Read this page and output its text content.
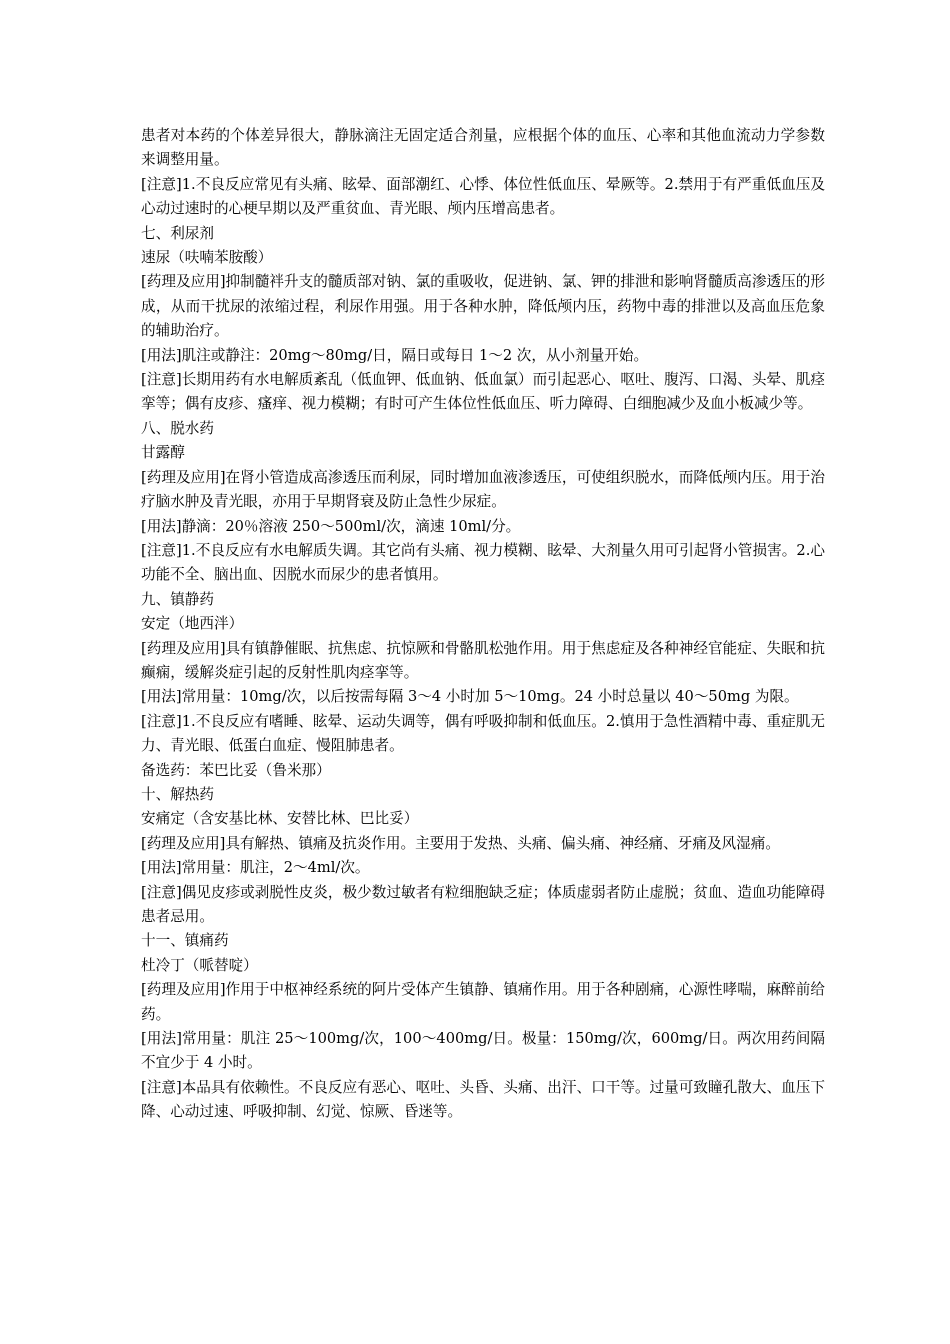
患者对本药的个体差异很大，静脉滴注无固定适合剂量，应根据个体的血压、心率和其他血流动力学参数来调整用量。

[注意]1.不良反应常见有头痛、眩晕、面部潮红、心悸、体位性低血压、晕厥等。2.禁用于有严重低血压及心动过速时的心梗早期以及严重贫血、青光眼、颅内压增高患者。

七、利尿剂

速尿（呋喃苯胺酸）

[药理及应用]抑制髓袢升支的髓质部对钠、氯的重吸收，促进钠、氯、钾的排泄和影响肾髓质高渗透压的形成，从而干扰尿的浓缩过程，利尿作用强。用于各种水肿，降低颅内压，药物中毒的排泄以及高血压危象的辅助治疗。

[用法]肌注或静注：20mg～80mg/日，隔日或每日 1～2 次，从小剂量开始。

[注意]长期用药有水电解质紊乱（低血钾、低血钠、低血氯）而引起恶心、呕吐、腹泻、口渴、头晕、肌痉挛等；偶有皮疹、瘙痒、视力模糊；有时可产生体位性低血压、听力障碍、白细胞减少及血小板减少等。

八、脱水药

甘露醇

[药理及应用]在肾小管造成高渗透压而利尿，同时增加血液渗透压，可使组织脱水，而降低颅内压。用于治疗脑水肿及青光眼，亦用于早期肾衰及防止急性少尿症。

[用法]静滴：20％溶液 250～500ml/次，滴速 10ml/分。

[注意]1.不良反应有水电解质失调。其它尚有头痛、视力模糊、眩晕、大剂量久用可引起肾小管损害。2.心功能不全、脑出血、因脱水而尿少的患者慎用。

九、镇静药

安定（地西泮）

[药理及应用]具有镇静催眠、抗焦虑、抗惊厥和骨骼肌松弛作用。用于焦虑症及各种神经官能症、失眠和抗癫痫，缓解炎症引起的反射性肌肉痉挛等。

[用法]常用量：10mg/次，以后按需每隔 3～4 小时加 5～10mg。24 小时总量以 40～50mg 为限。

[注意]1.不良反应有嗜睡、眩晕、运动失调等，偶有呼吸抑制和低血压。2.慎用于急性酒精中毒、重症肌无力、青光眼、低蛋白血症、慢阻肺患者。

备选药：苯巴比妥（鲁米那）

十、解热药

安痛定（含安基比林、安替比林、巴比妥）

[药理及应用]具有解热、镇痛及抗炎作用。主要用于发热、头痛、偏头痛、神经痛、牙痛及风湿痛。

[用法]常用量：肌注，2～4ml/次。

[注意]偶见皮疹或剥脱性皮炎，极少数过敏者有粒细胞缺乏症；体质虚弱者防止虚脱；贫血、造血功能障碍患者忌用。

十一、镇痛药

杜冷丁（哌替啶）

[药理及应用]作用于中枢神经系统的阿片受体产生镇静、镇痛作用。用于各种剧痛，心源性哮喘，麻醉前给药。

[用法]常用量：肌注 25～100mg/次，100～400mg/日。极量：150mg/次，600mg/日。两次用药间隔不宜少于 4 小时。

[注意]本品具有依赖性。不良反应有恶心、呕吐、头昏、头痛、出汗、口干等。过量可致瞳孔散大、血压下降、心动过速、呼吸抑制、幻觉、惊厥、昏迷等。
